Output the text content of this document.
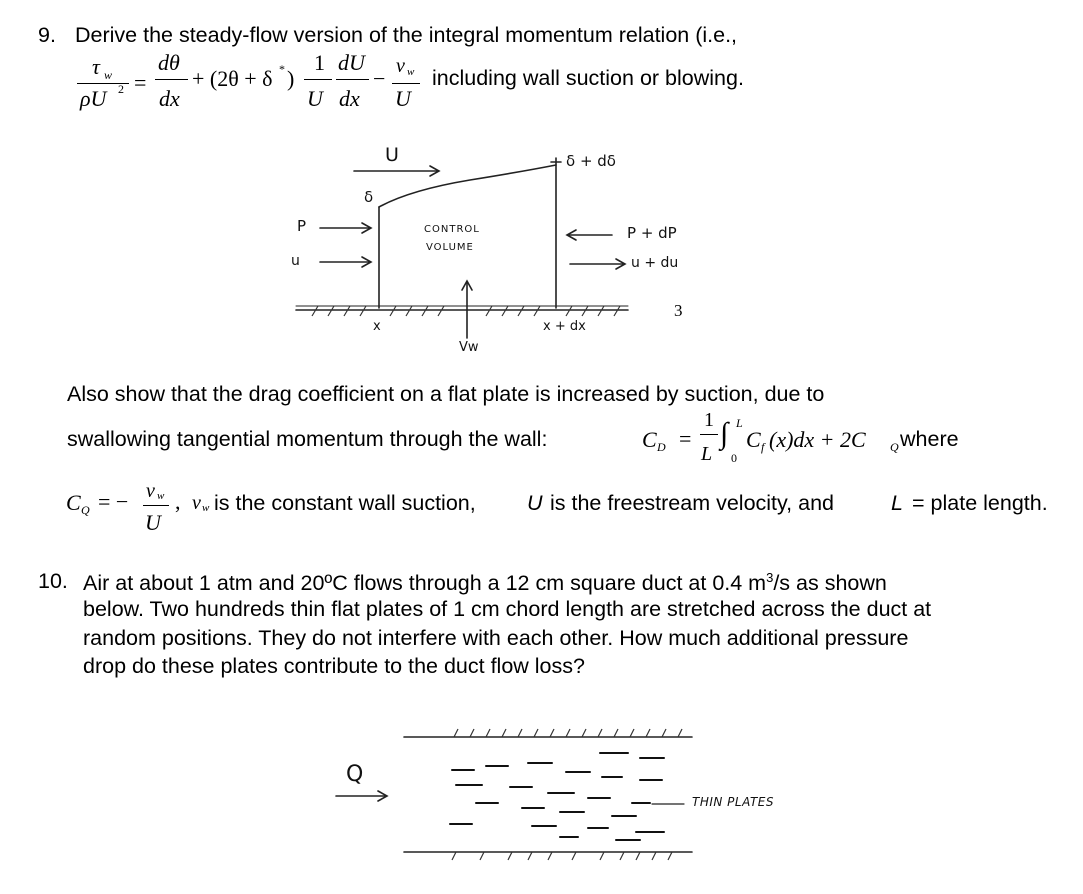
9. Derive the steady-flow version of the integral momentum relation (i.e.,
τ w
ρU 2 =
dθ
dx
+ (2θ + δ * )
1
U
dU
dx
− v w
U
including wall suction or blowing.
U	δ + dδ
δ
P
u
CONTROL
VOLUME
P + dP
u + du
3
x	x + dx
Vw
Also show that the drag coefficient on a flat plate is increased by suction, due to
swallowing tangential momentum through the wall:	C D =
1
L
∫ L
0
C f (x)dx + 2C Q where
C Q = − v w
U
, v w is the constant wall suction, U is the freestream velocity, and	L = plate length.
10. Air at about 1 atm and 20ºC flows through a 12 cm square duct at 0.4 $m^3/s$ as shown
below. Two hundreds thin flat plates of 1 cm chord length are stretched across the duct at
random positions. They do not interfere with each other. How much additional pressure
drop do these plates contribute to the duct flow loss?
Q
THIN PLATES
